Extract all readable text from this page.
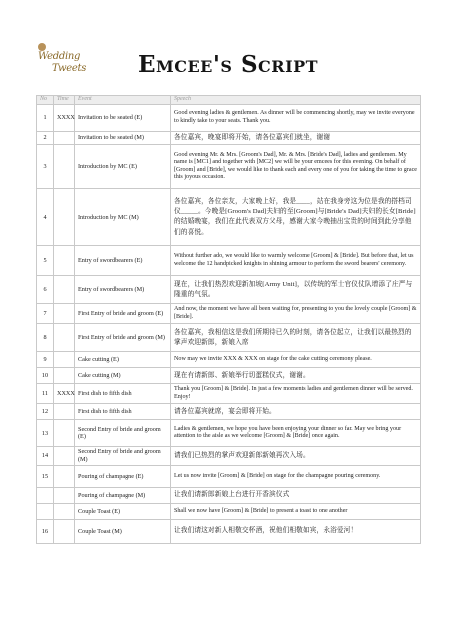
Wedding
Tweets	Emcee's Script
No	Time	Event	Speech
1	XXXX	Invitation to be seated (E)	Good evening ladies & gentlemen. As dinner will be commencing shortly, may we invite everyone to kindly take to your seats. Thank you.
2		Invitation to be seated (M)	各位嘉宾，晚宴即将开始，请各位嘉宾们就坐，谢谢
3		Introduction by MC (E)	Good evening Mr. & Mrs. [Groom's Dad], Mr. & Mrs. [Bride's Dad], ladies and gentlemen. My name is [MC1] and together with [MC2] we will be your emcees for this evening. On behalf of [Groom] and [Bride], we would like to thank each and every one of you for taking the time to grace this joyous occasion.
4		Introduction by MC (M)	各位嘉宾，各位亲友，大家晚上好，我是____，站在我身旁这为位是我的搭档司仪_____。今晚是[Groom's Dad]夫妇的至[Groom]与[Bride's Dad]夫妇的长女[Bride]的结婚晚宴，我们在此代表双方父母，感谢大家今晚抽出宝贵的时间到此分享他们的喜悦。
5		Entry of swordbearers (E)	Without further ado, we would like to warmly welcome [Groom] & [Bride]. But before that, let us welcome the 12 handpicked knights in shining armour to perform the sword bearers' ceremony.
6		Entry of swordbearers (M)	现在，让我们热烈欢迎新加坡[Army Unit]，以传统的军士官仪仗队增添了庄严与隆重的气氛。
7		First Entry of bride and groom (E)	And now, the moment we have all been waiting for, presenting to you the lovely couple [Groom] & [Bride].
8		First Entry of bride and groom (M)	各位嘉宾，我相信这是我们所期待已久的时刻，请各位起立，让我们以最热烈的掌声欢迎新郎，新娘入席
9		Cake cutting (E)	Now may we invite XXX & XXX on stage for the cake cutting ceremony please.
10		Cake cutting (M)	现在有请新郎、新娘举行切蛋糕仪式，谢谢。
11	XXXX	First dish to fifth dish	Thank you [Groom] & [Bride]. In just a few moments ladies and gentlemen dinner will be served. Enjoy!
12		First dish to fifth dish	请各位嘉宾就席，宴会即将开始。
13		Second Entry of bride and groom (E)	Ladies & gentlemen, we hope you have been enjoying your dinner so far. May we bring your attention to the aisle as we welcome [Groom] & [Bride] once again.
14		Second Entry of bride and groom (M)	请我们已热烈的掌声欢迎新郎新娘再次入场。
15		Pouring of champagne (E)	Let us now invite [Groom] & [Bride] on stage for the champagne pouring ceremony.
		Pouring of champagne (M)	让我们请新郎新娘上台进行开香滨仪式
		Couple Toast (E)	Shall we now have [Groom] & [Bride] to present a toast to one another
16		Couple Toast (M)	让我们请这对新人相敬交杯酒，祝他们相敬如宾，永浴爱河！
